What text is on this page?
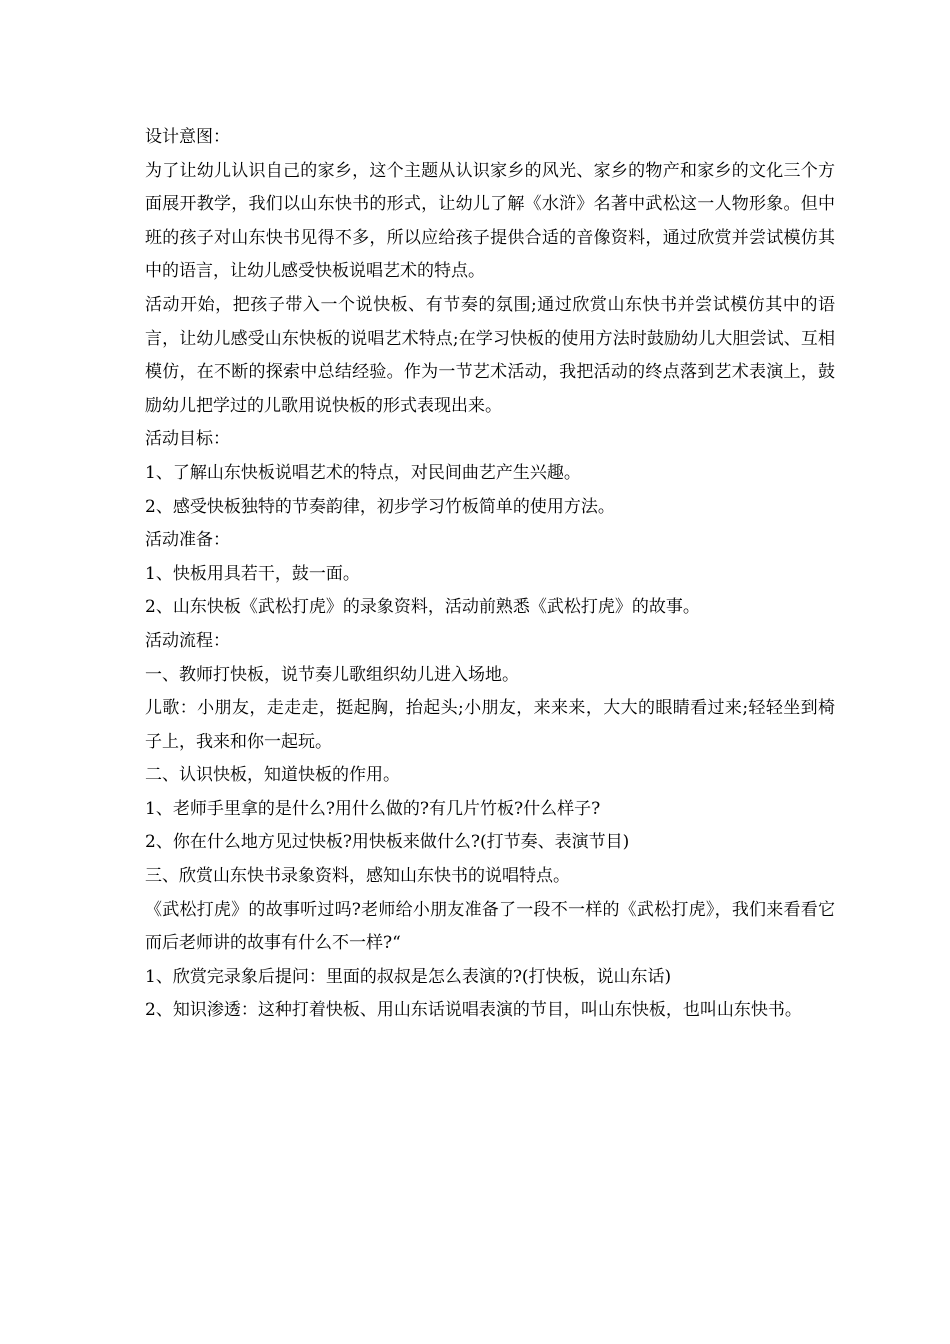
设计意图：

为了让幼儿认识自己的家乡，这个主题从认识家乡的风光、家乡的物产和家乡的文化三个方面展开教学，我们以山东快书的形式，让幼儿了解《水浒》名著中武松这一人物形象。但中班的孩子对山东快书见得不多，所以应给孩子提供合适的音像资料，通过欣赏并尝试模仿其中的语言，让幼儿感受快板说唱艺术的特点。

活动开始，把孩子带入一个说快板、有节奏的氛围;通过欣赏山东快书并尝试模仿其中的语言，让幼儿感受山东快板的说唱艺术特点;在学习快板的使用方法时鼓励幼儿大胆尝试、互相模仿，在不断的探索中总结经验。作为一节艺术活动，我把活动的终点落到艺术表演上，鼓励幼儿把学过的儿歌用说快板的形式表现出来。

活动目标：

1、了解山东快板说唱艺术的特点，对民间曲艺产生兴趣。

2、感受快板独特的节奏韵律，初步学习竹板简单的使用方法。

活动准备：

1、快板用具若干，鼓一面。

2、山东快板《武松打虎》的录象资料，活动前熟悉《武松打虎》的故事。

活动流程：

一、教师打快板，说节奏儿歌组织幼儿进入场地。

儿歌：小朋友，走走走，挺起胸，抬起头;小朋友，来来来，大大的眼睛看过来;轻轻坐到椅子上，我来和你一起玩。

二、认识快板，知道快板的作用。

1、老师手里拿的是什么?用什么做的?有几片竹板?什么样子?

2、你在什么地方见过快板?用快板来做什么?(打节奏、表演节目)

三、欣赏山东快书录象资料，感知山东快书的说唱特点。

《武松打虎》的故事听过吗?老师给小朋友准备了一段不一样的《武松打虎》，我们来看看它而后老师讲的故事有什么不一样?“

1、欣赏完录象后提问：里面的叔叔是怎么表演的?(打快板，说山东话)

2、知识渗透：这种打着快板、用山东话说唱表演的节目，叫山东快板，也叫山东快书。
